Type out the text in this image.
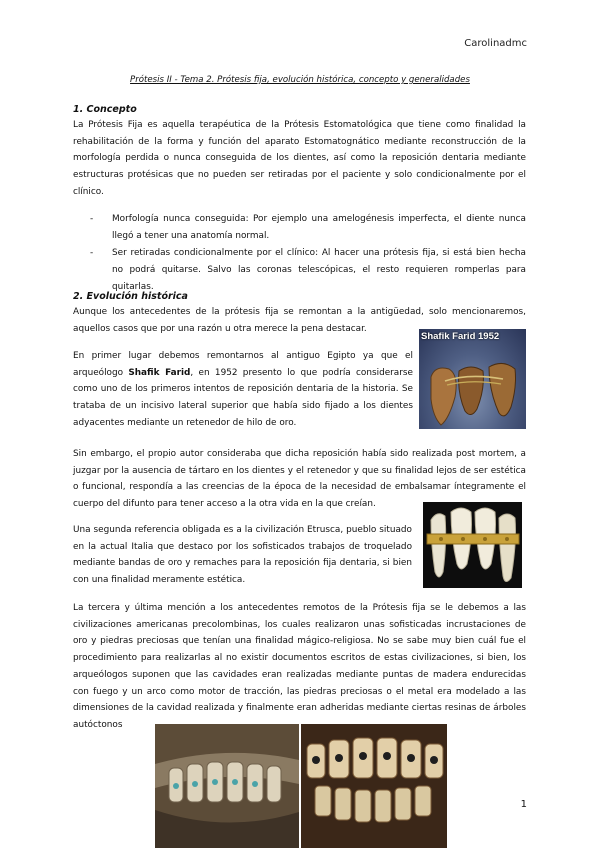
Carolinadmc
Prótesis II - Tema 2. Prótesis fija, evolución histórica, concepto y generalidades
1. Concepto
La Prótesis Fija es aquella terapéutica de la Prótesis Estomatológica que tiene como finalidad la rehabilitación de la forma y función del aparato Estomatognático mediante reconstrucción de la morfología perdida o nunca conseguida de los dientes, así como la reposición dentaria mediante estructuras protésicas que no pueden ser retiradas por el paciente y solo condicionalmente por el clínico.
- Morfología nunca conseguida: Por ejemplo una amelogénesis imperfecta, el diente nunca llegó a tener una anatomía normal.
- Ser retiradas condicionalmente por el clínico: Al hacer una prótesis fija, si está bien hecha no podrá quitarse. Salvo las coronas telescópicas, el resto requieren romperlas para quitarlas.
2. Evolución histórica
Aunque los antecedentes de la prótesis fija se remontan a la antigüedad, solo mencionaremos, aquellos casos que por una razón u otra merece la pena destacar.
En primer lugar debemos remontarnos al antiguo Egipto ya que el arqueólogo Shafik Farid, en 1952 presento lo que podría considerarse como uno de los primeros intentos de reposición dentaria de la historia. Se trataba de un incisivo lateral superior que había sido fijado a los dientes adyacentes mediante un retenedor de hilo de oro.
Shafik Farid 1952
Sin embargo, el propio autor consideraba que dicha reposición había sido realizada post mortem, a juzgar por la ausencia de tártaro en los dientes y el retenedor y que su finalidad lejos de ser estética o funcional, respondía a las creencias de la época de la necesidad de embalsamar íntegramente el cuerpo del difunto para tener acceso a la otra vida en la que creían.
Una segunda referencia obligada es a la civilización Etrusca, pueblo situado en la actual Italia que destaco por los sofisticados trabajos de troquelado mediante bandas de oro y remaches para la reposición fija dentaria, si bien con una finalidad meramente estética.
La tercera y última mención a los antecedentes remotos de la Prótesis fija se le debemos a las civilizaciones americanas precolombinas, los cuales realizaron unas sofisticadas incrustaciones de oro y piedras preciosas que tenían una finalidad mágico-religiosa. No se sabe muy bien cuál fue el procedimiento para realizarlas al no existir documentos escritos de estas civilizaciones, si bien, los arqueólogos suponen que las cavidades eran realizadas mediante puntas de madera endurecidas con fuego y un arco como motor de tracción, las piedras preciosas o el metal era modelado a las dimensiones de la cavidad realizada y finalmente eran adheridas mediante ciertas resinas de árboles autóctonos
1
